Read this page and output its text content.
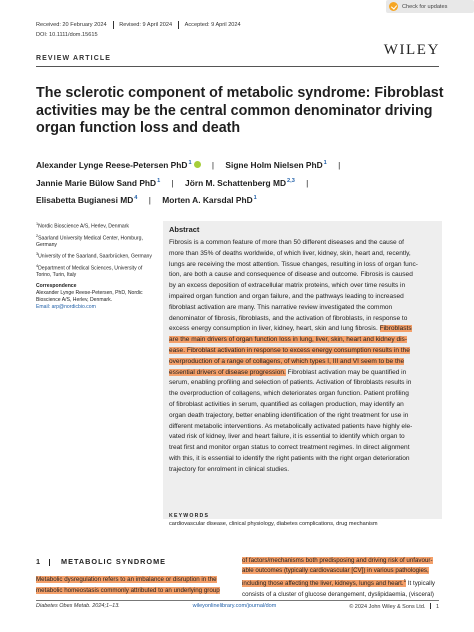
Received: 20 February 2024 Revised: 9 April 2024 Accepted: 9 April 2024
DOI: 10.1111/dom.15615
Check for updates
WILEY
REVIEW ARTICLE
The sclerotic component of metabolic syndrome: Fibroblast activities may be the central common denominator driving organ function loss and death
Alexander Lynge Reese-Petersen PhD$^1$ | Signe Holm Nielsen PhD$^1$ |
Jannie Marie Bülow Sand PhD$^1$ | Jörn M. Schattenberg MD$^{2,3}$ |
Elisabetta Bugianesi $MD^4$ | Morten A. Karsdal PhD$^1$
$^1$Nordic Bioscience A/S, Herlev, Denmark
$^2$Saarland University Medical Center, Homburg, Germany
$^3$University of the Saarland, Saarbrücken, Germany
$^4$Department of Medical Sciences, University of Torino, Turin, Italy
Correspondence
Alexander Lynge Reese-Petersen, PhD, Nordic Bioscience A/S, Herlev, Denmark.
Email: arp@nordicbio.com
Abstract

Fibrosis is a common feature of more than 50 different diseases and the cause of

more than 35% of deaths worldwide, of which liver, kidney, skin, heart and, recently,

lungs are receiving the most attention. Tissue changes, resulting in loss of organ func-

tion, are both a cause and consequence of disease and outcome. Fibrosis is caused

by an excess deposition of extracellular matrix proteins, which over time results in

impaired organ function and organ failure, and the pathways leading to increased

fibroblast activation are many. This narrative review investigated the common

denominator of fibrosis, fibroblasts, and the activation of fibroblasts, in response to

excess energy consumption in liver, kidney, heart, skin and lung fibrosis. Fibroblasts

are the main drivers of organ function loss in lung, liver, skin, heart and kidney dis-

ease. Fibroblast activation in response to excess energy consumption results in the

overproduction of a range of collagens, of which types I, III and VI seem to be the

essential drivers of disease progression. Fibroblast activation may be quantified in

serum, enabling profiling and selection of patients. Activation of fibroblasts results in

the overproduction of collagens, which deteriorates organ function. Patient profiling

of fibroblast activities in serum, quantified as collagen production, may identify an

organ death trajectory, better enabling identification of the right treatment for use in

different metabolic interventions. As metabolically activated patients have highly ele-

vated risk of kidney, liver and heart failure, it is essential to identify which organ to

treat first and monitor organ status to correct treatment regimes. In direct alignment

with this, it is essential to identify the right patients with the right organ deterioration

trajectory for enrolment in clinical studies.

KEYWORDS
cardiovascular disease, clinical physiology, diabetes complications, drug mechanism
1	METABOLIC SYNDROME

Metabolic dysregulation refers to an imbalance or disruption in the

metabolic homeostasis commonly attributed to an underlying group

of factors/mechanisms both predisposing and driving risk of unfavour-

able outcomes (typically cardiovascular [CV]) in various pathologies,

including those affecting the liver, kidneys, lungs and heart.$^1$ It typically

consists of a cluster of glucose derangement, dyslipidaemia, (visceral)

Diabetes Obes Metab. 2024;1–13.	wileyonlinelibrary.com/journal/dom	© 2024 John Wiley & Sons Ltd. 1
